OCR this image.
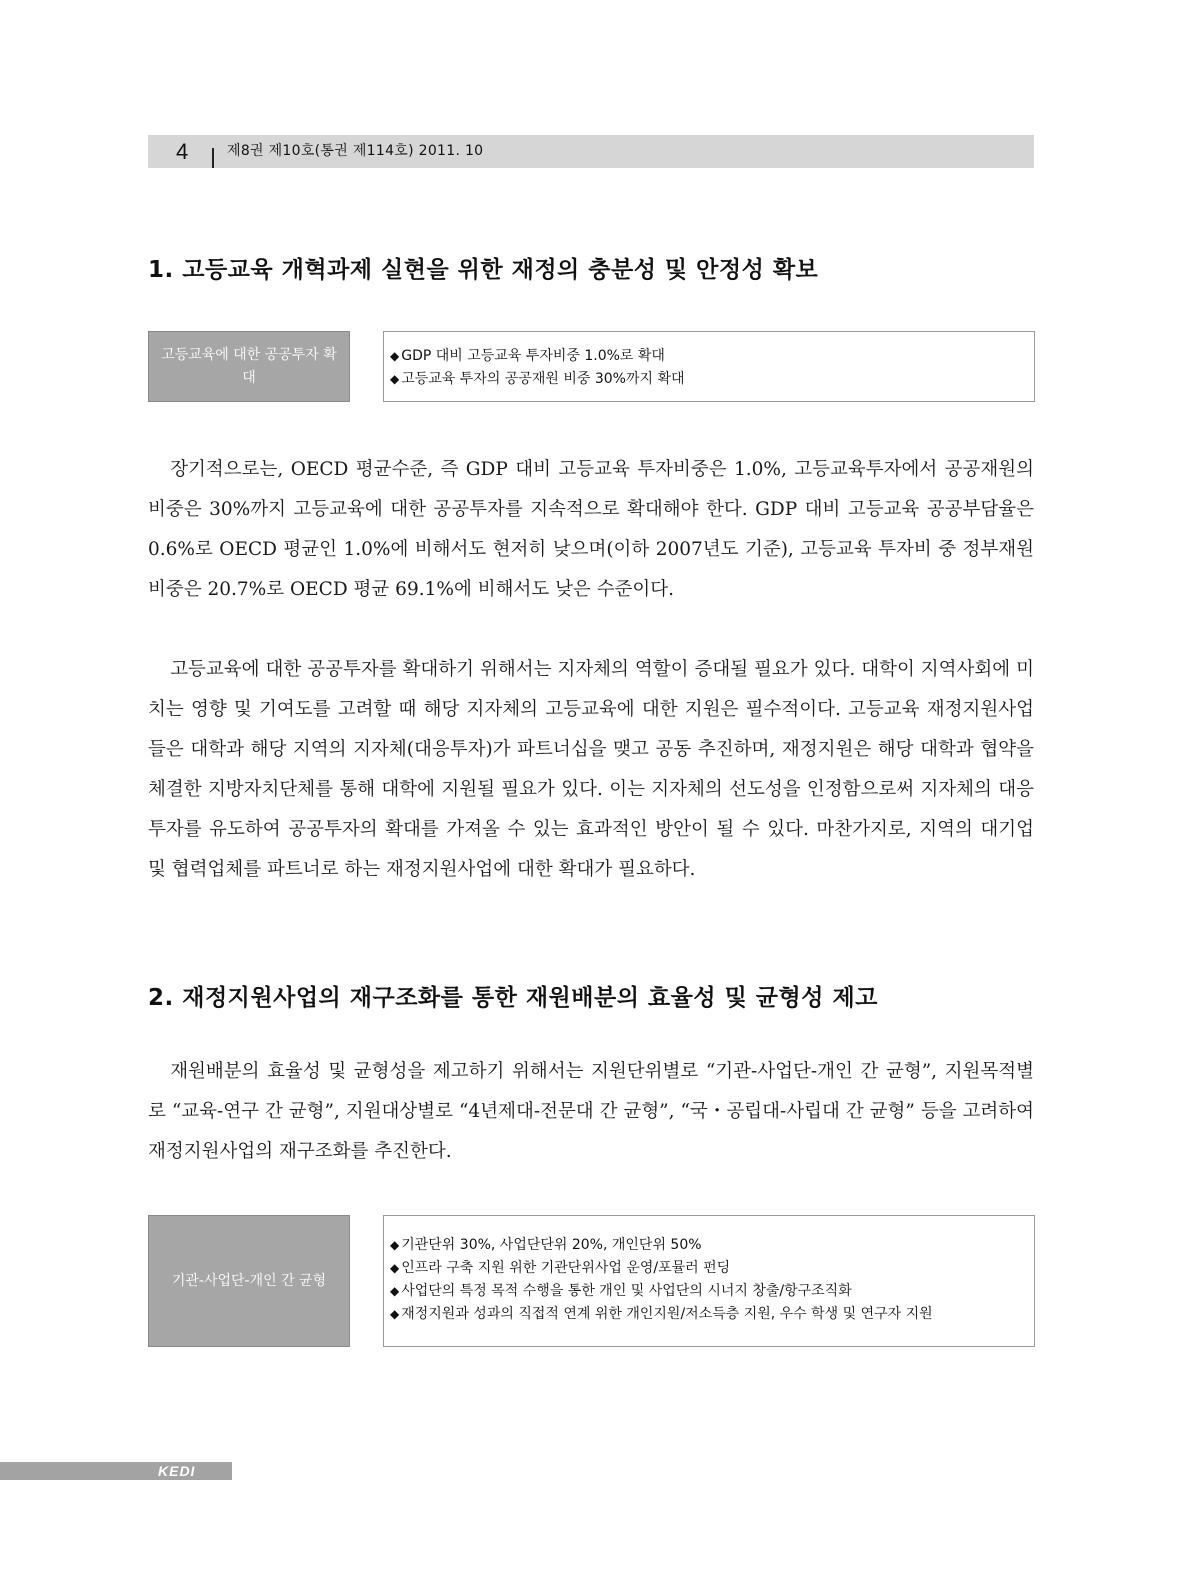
4	제8권 제10호(통권 제114호) 2011. 10
1. 고등교육 개혁과제 실현을 위한 재정의 충분성 및 안정성 확보
고등교육에 대한 공공투자 확대
◆ GDP 대비 고등교육 투자비중 1.0%로 확대
◆ 고등교육 투자의 공공재원 비중 30%까지 확대

장기적으로는, OECD 평균수준, 즉 GDP 대비 고등교육 투자비중은 1.0%, 고등교육투자에서 공공재원의 비중은 30%까지 고등교육에 대한 공공투자를 지속적으로 확대해야 한다. GDP 대비 고등교육 공공부담율은 0.6%로 OECD 평균인 1.0%에 비해서도 현저히 낮으며(이하 2007년도 기준), 고등교육 투자비 중 정부재원 비중은 20.7%로 OECD 평균 69.1%에 비해서도 낮은 수준이다.

고등교육에 대한 공공투자를 확대하기 위해서는 지자체의 역할이 증대될 필요가 있다. 대학이 지역사회에 미치는 영향 및 기여도를 고려할 때 해당 지자체의 고등교육에 대한 지원은 필수적이다. 고등교육 재정지원사업들은 대학과 해당 지역의 지자체(대응투자)가 파트너십을 맺고 공동 추진하며, 재정지원은 해당 대학과 협약을 체결한 지방자치단체를 통해 대학에 지원될 필요가 있다. 이는 지자체의 선도성을 인정함으로써 지자체의 대응투자를 유도하여 공공투자의 확대를 가져올 수 있는 효과적인 방안이 될 수 있다. 마찬가지로, 지역의 대기업 및 협력업체를 파트너로 하는 재정지원사업에 대한 확대가 필요하다.

2. 재정지원사업의 재구조화를 통한 재원배분의 효율성 및 균형성 제고

재원배분의 효율성 및 균형성을 제고하기 위해서는 지원단위별로 “기관-사업단-개인 간 균형”, 지원목적별로 “교육-연구 간 균형”, 지원대상별로 “4년제대-전문대 간 균형”, “국・공립대-사립대 간 균형” 등을 고려하여 재정지원사업의 재구조화를 추진한다.

기관-사업단-개인 간 균형
◆ 기관단위 30%, 사업단단위 20%, 개인단위 50%
◆ 인프라 구축 지원 위한 기관단위사업 운영/포뮬러 펀딩
◆ 사업단의 특정 목적 수행을 통한 개인 및 사업단의 시너지 창출/항구조직화
◆ 재정지원과 성과의 직접적 연계 위한 개인지원/저소득층 지원, 우수 학생 및 연구자 지원
KEDI
